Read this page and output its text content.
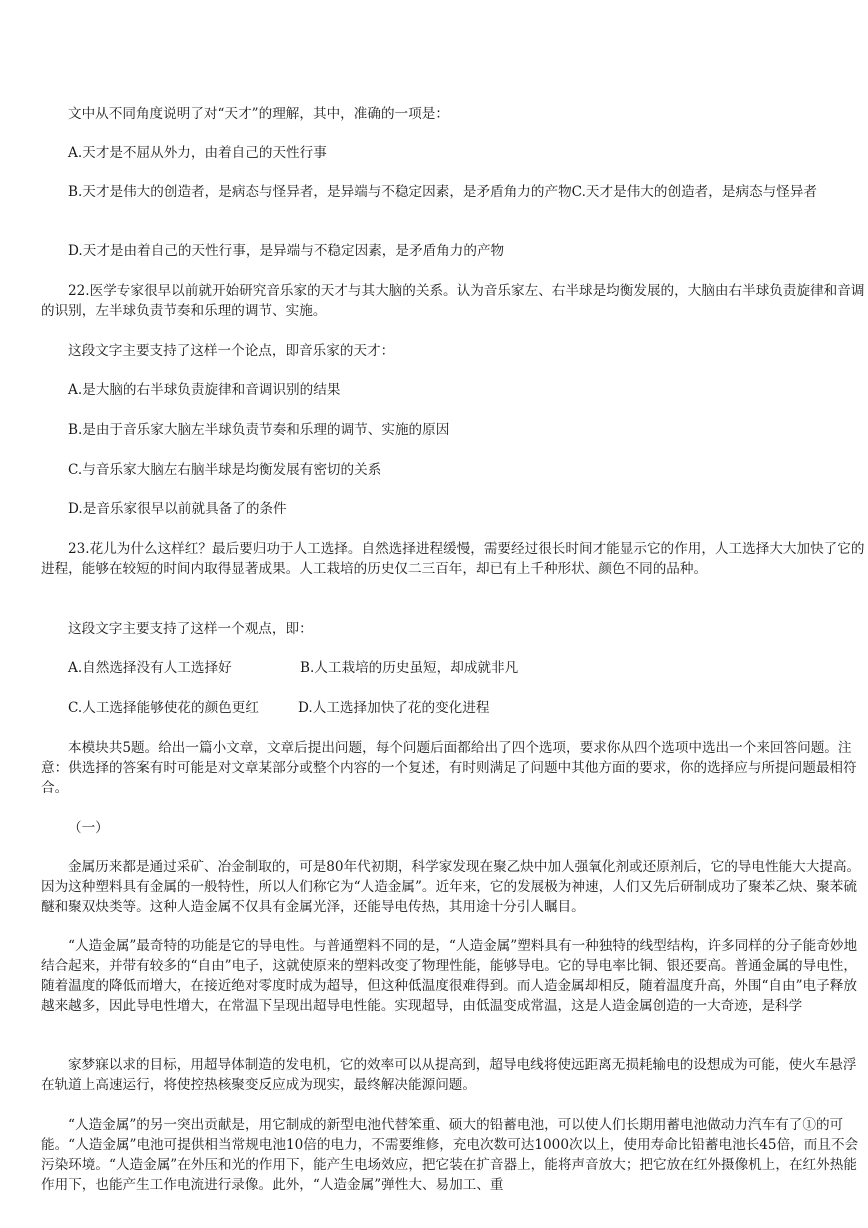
文中从不同角度说明了对“天才”的理解，其中，准确的一项是：

A.天才是不屈从外力，由着自己的天性行事

B.天才是伟大的创造者，是病态与怪异者，是异端与不稳定因素，是矛盾角力的产物C.天才是伟大的创造者，是病态与怪异者

D.天才是由着自己的天性行事，是异端与不稳定因素，是矛盾角力的产物

22.医学专家很早以前就开始研究音乐家的天才与其大脑的关系。认为音乐家左、右半球是均衡发展的，大脑由右半球负责旋律和音调的识别，左半球负责节奏和乐理的调节、实施。

这段文字主要支持了这样一个论点，即音乐家的天才：

A.是大脑的右半球负责旋律和音调识别的结果

B.是由于音乐家大脑左半球负责节奏和乐理的调节、实施的原因

C.与音乐家大脑左右脑半球是均衡发展有密切的关系

D.是音乐家很早以前就具备了的条件

23.花儿为什么这样红？最后要归功于人工选择。自然选择进程缓慢，需要经过很长时间才能显示它的作用，人工选择大大加快了它的进程，能够在较短的时间内取得显著成果。人工栽培的历史仅二三百年，却已有上千种形状、颜色不同的品种。

这段文字主要支持了这样一个观点，即：

A.自然选择没有人工选择好	B.人工栽培的历史虽短，却成就非凡
C.人工选择能够使花的颜色更红	D.人工选择加快了花的变化进程

本模块共5题。给出一篇小文章，文章后提出问题，每个问题后面都给出了四个选项，要求你从四个选项中选出一个来回答问题。注意：供选择的答案有时可能是对文章某部分或整个内容的一个复述，有时则满足了问题中其他方面的要求，你的选择应与所提问题最相符合。

（一）

金属历来都是通过采矿、冶金制取的，可是80年代初期，科学家发现在聚乙炔中加人强氧化剂或还原剂后，它的导电性能大大提高。因为这种塑料具有金属的一般特性，所以人们称它为“人造金属”。近年来，它的发展极为神速，人们又先后研制成功了聚苯乙炔、聚苯硫醚和聚双炔类等。这种人造金属不仅具有金属光泽，还能导电传热，其用途十分引人瞩目。

“人造金属”最奇特的功能是它的导电性。与普通塑料不同的是，“人造金属”塑料具有一种独特的线型结构，许多同样的分子能奇妙地结合起来，并带有较多的“自由”电子，这就使原来的塑料改变了物理性能，能够导电。它的导电率比铜、银还要高。普通金属的导电性，随着温度的降低而增大，在接近绝对零度时成为超导，但这种低温度很难得到。而人造金属却相反，随着温度升高，外围“自由”电子释放越来越多，因此导电性增大，在常温下呈现出超导电性能。实现超导，由低温变成常温，这是人造金属创造的一大奇迹，是科学

家梦寐以求的目标，用超导体制造的发电机，它的效率可以从提高到，超导电线将使远距离无损耗输电的设想成为可能，使火车悬浮在轨道上高速运行，将使控热核聚变反应成为现实，最终解决能源问题。

“人造金属”的另一突出贡献是，用它制成的新型电池代替笨重、硕大的铅蓄电池，可以使人们长期用蓄电池做动力汽车有了①的可能。“人造金属”电池可提供相当常规电池10倍的电力，不需要维修，充电次数可达1000次以上，使用寿命比铅蓄电池长45倍，而且不会污染环境。“人造金属”在外压和光的作用下，能产生电场效应，把它装在扩音器上，能将声音放大；把它放在红外摄像机上，在红外热能作用下，也能产生工作电流进行录像。此外，“人造金属”弹性大、易加工、重
